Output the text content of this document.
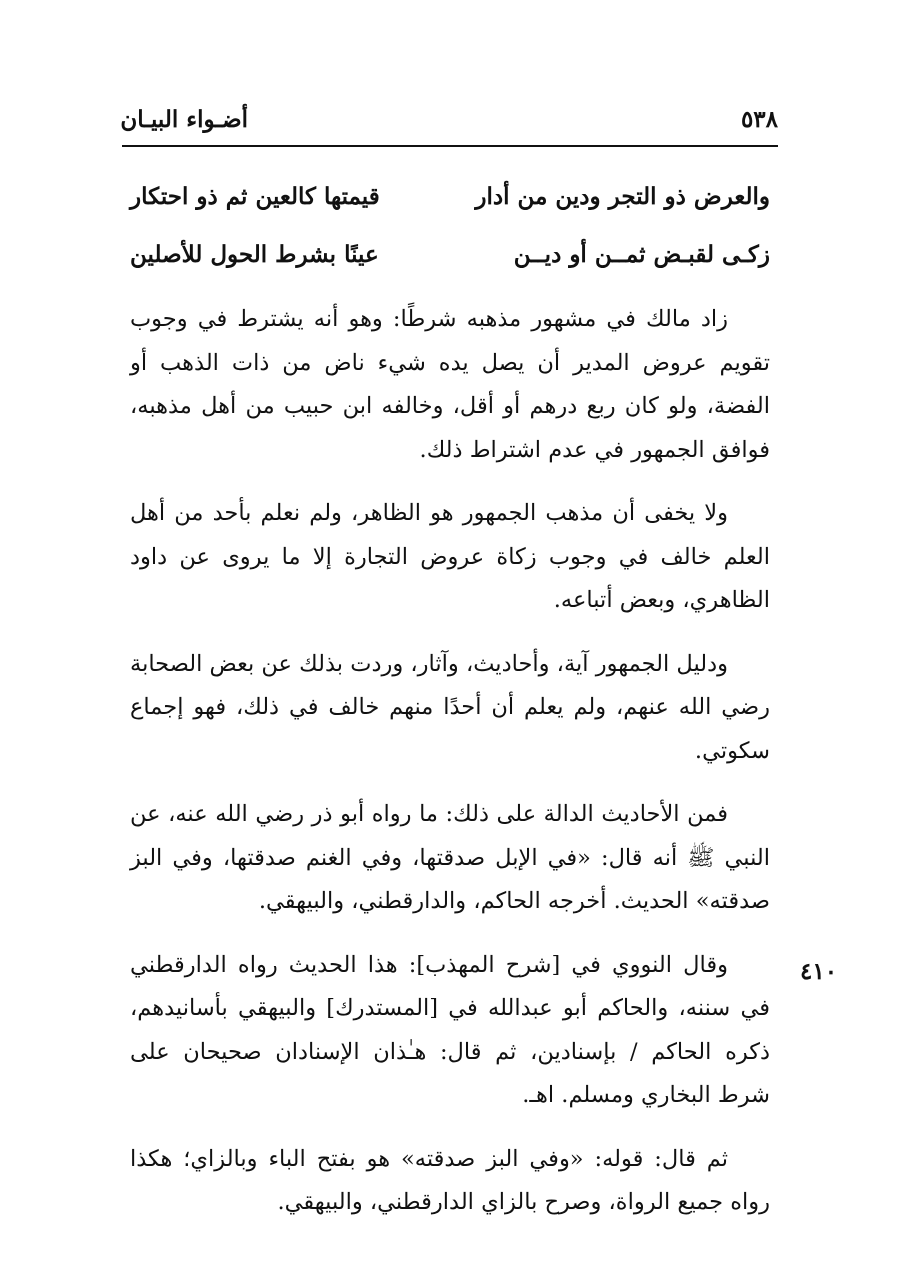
٥٣٨
أضـواء البيـان
والعرض ذو التجر ودين من أدار
قيمتها كالعين ثم ذو احتكار
زكـى لقبـض ثمــن أو ديــن
عينًا بشرط الحول للأصلين

زاد مالك في مشهور مذهبه شرطًا: وهو أنه يشترط في وجوب تقويم عروض المدير أن يصل يده شيء ناض من ذات الذهب أو الفضة، ولو كان ربع درهم أو أقل، وخالفه ابن حبيب من أهل مذهبه، فوافق الجمهور في عدم اشتراط ذلك.

ولا يخفى أن مذهب الجمهور هو الظاهر، ولم نعلم بأحد من أهل العلم خالف في وجوب زكاة عروض التجارة إلا ما يروى عن داود الظاهري، وبعض أتباعه.

ودليل الجمهور آية، وأحاديث، وآثار، وردت بذلك عن بعض الصحابة رضي الله عنهم، ولم يعلم أن أحدًا منهم خالف في ذلك، فهو إجماع سكوتي.

فمن الأحاديث الدالة على ذلك: ما رواه أبو ذر رضي الله عنه، عن النبي ﷺ أنه قال: «في الإبل صدقتها، وفي الغنم صدقتها، وفي البز صدقته» الحديث. أخرجه الحاكم، والدارقطني، والبيهقي.

وقال النووي في [شرح المهذب]: هذا الحديث رواه الدارقطني في سننه، والحاكم أبو عبدالله في [المستدرك] والبيهقي بأسانيدهم، ذكره الحاكم / بإسنادين، ثم قال: هـٰذان الإسنادان صحيحان على شرط البخاري ومسلم. اهـ.

ثم قال: قوله: «وفي البز صدقته» هو بفتح الباء وبالزاي؛ هكذا رواه جميع الرواة، وصرح بالزاي الدارقطني، والبيهقي.

٤١٠
